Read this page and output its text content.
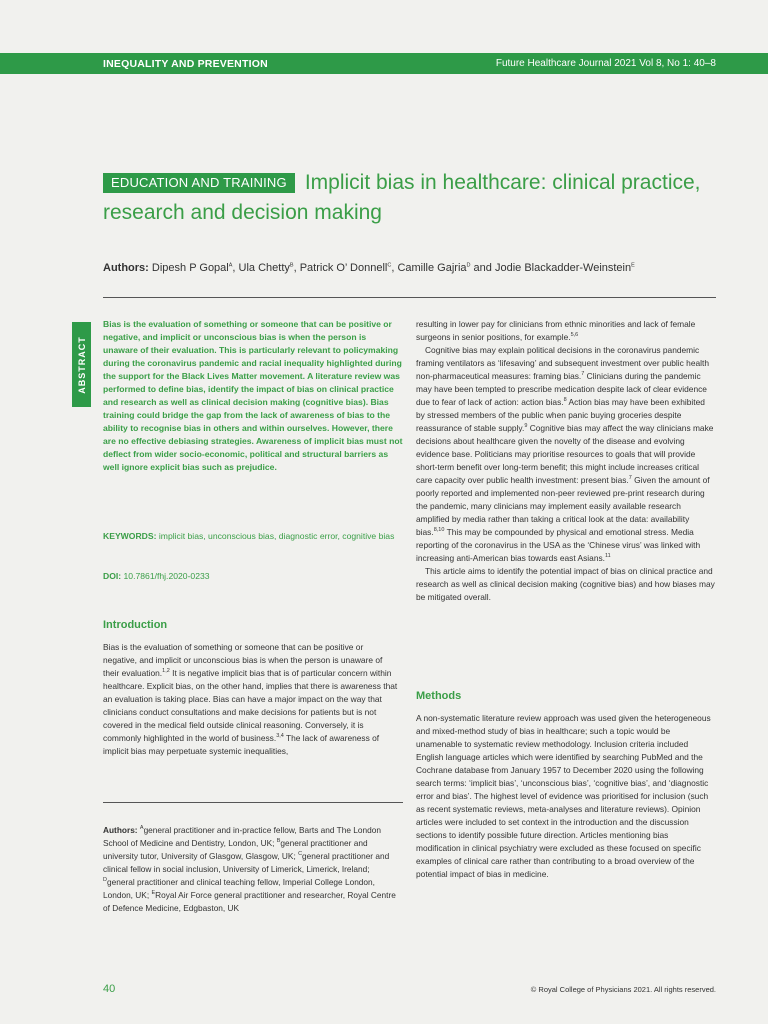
INEQUALITY AND PREVENTION	Future Healthcare Journal 2021 Vol 8, No 1: 40–8
EDUCATION AND TRAINING Implicit bias in healthcare: clinical practice, research and decision making
Authors: Dipesh P Gopal$^A$, Ula Chetty$^B$, Patrick O’ Donnell$^C$, Camille Gajria$^D$ and Jodie Blackadder-Weinstein$^E$
ABSTRACT
Bias is the evaluation of something or someone that can be positive or negative, and implicit or unconscious bias is when the person is unaware of their evaluation. This is particularly relevant to policymaking during the coronavirus pandemic and racial inequality highlighted during the support for the Black Lives Matter movement. A literature review was performed to define bias, identify the impact of bias on clinical practice and research as well as clinical decision making (cognitive bias). Bias training could bridge the gap from the lack of awareness of bias to the ability to recognise bias in others and within ourselves. However, there are no effective debiasing strategies. Awareness of implicit bias must not deflect from wider socio-economic, political and structural barriers as well ignore explicit bias such as prejudice.
KEYWORDS: implicit bias, unconscious bias, diagnostic error, cognitive bias
DOI: 10.7861/fhj.2020-0233
Introduction

Bias is the evaluation of something or someone that can be positive or negative, and implicit or unconscious bias is when the person is unaware of their evaluation.$^{1,2}$ It is negative implicit bias that is of particular concern within healthcare. Explicit bias, on the other hand, implies that there is awareness that an evaluation is taking place. Bias can have a major impact on the way that clinicians conduct consultations and make decisions for patients but is not covered in the medical field outside clinical reasoning. Conversely, it is commonly highlighted in the world of business.$^{3,4}$ The lack of awareness of implicit bias may perpetuate systemic inequalities,

Authors: $^A$general practitioner and in-practice fellow, Barts and The London School of Medicine and Dentistry, London, UK; $^B$general practitioner and university tutor, University of Glasgow, Glasgow, UK; $^C$general practitioner and clinical fellow in social inclusion, University of Limerick, Limerick, Ireland; $^D$general practitioner and clinical teaching fellow, Imperial College London, London, UK; $^E$Royal Air Force general practitioner and researcher, Royal Centre of Defence Medicine, Edgbaston, UK

resulting in lower pay for clinicians from ethnic minorities and lack of female surgeons in senior positions, for example.$^{5,6}$

Cognitive bias may explain political decisions in the coronavirus pandemic framing ventilators as ‘lifesaving’ and subsequent investment over public health non-pharmaceutical measures: framing bias.$^7$ Clinicians during the pandemic may have been tempted to prescribe medication despite lack of clear evidence due to fear of lack of action: action bias.$^8$ Action bias may have been exhibited by stressed members of the public when panic buying groceries despite reassurance of stable supply.$^9$ Cognitive bias may affect the way clinicians make decisions about healthcare given the novelty of the disease and evolving evidence base. Politicians may prioritise resources to goals that will provide short-term benefit over long-term benefit; this might include increases critical care capacity over public health investment: present bias.$^7$ Given the amount of poorly reported and implemented non-peer reviewed pre-print research during the pandemic, many clinicians may implement easily available research amplified by media rather than taking a critical look at the data: availability bias.$^{8,10}$ This may be compounded by physical and emotional stress. Media reporting of the coronavirus in the USA as the ‘Chinese virus’ was linked with increasing anti-American bias towards east Asians.$^{11}$

This article aims to identify the potential impact of bias on clinical practice and research as well as clinical decision making (cognitive bias) and how biases may be mitigated overall.

Methods
A non-systematic literature review approach was used given the heterogeneous and mixed-method study of bias in healthcare; such a topic would be unamenable to systematic review methodology. Inclusion criteria included English language articles which were identified by searching PubMed and the Cochrane database from January 1957 to December 2020 using the following search terms: ‘implicit bias’, ‘unconscious bias’, ‘cognitive bias’, and ‘diagnostic error and bias’. The highest level of evidence was prioritised for inclusion (such as recent systematic reviews, meta-analyses and literature reviews). Opinion articles were included to set context in the introduction and the discussion sections to identify possible future direction. Articles mentioning bias modification in clinical psychiatry were excluded as these focused on specific examples of clinical care rather than contributing to a broad overview of the potential impact of bias in medicine.
40	© Royal College of Physicians 2021. All rights reserved.
